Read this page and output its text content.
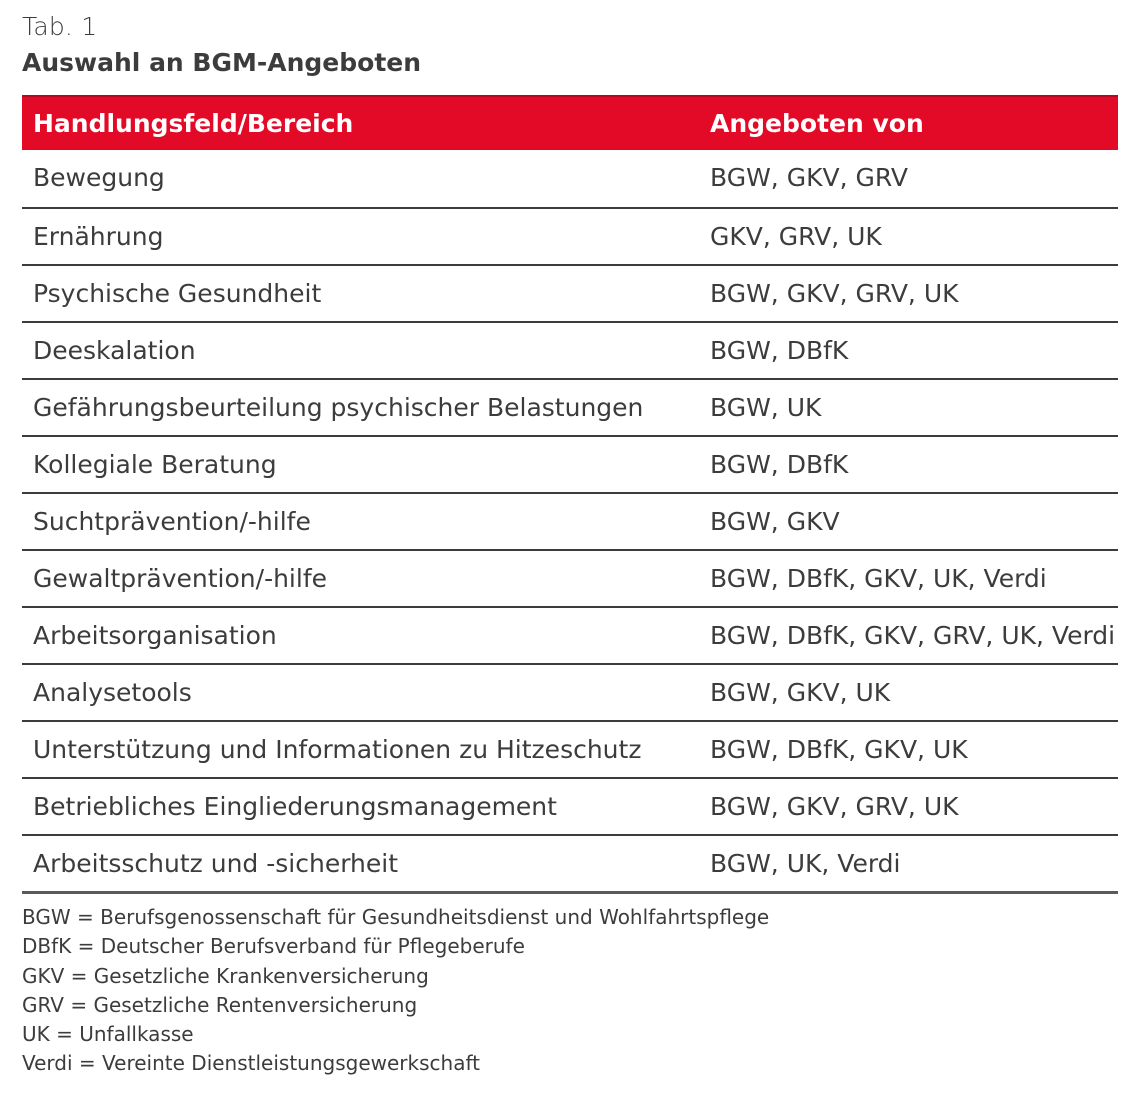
Tab. 1
Auswahl an BGM-Angeboten
Handlungsfeld/Bereich	Angeboten von
Bewegung	BGW, GKV, GRV
Ernährung	GKV, GRV, UK
Psychische Gesundheit	BGW, GKV, GRV, UK
Deeskalation	BGW, DBfK
Gefährungsbeurteilung psychischer Belastungen	BGW, UK
Kollegiale Beratung	BGW, DBfK
Suchtprävention/-hilfe	BGW, GKV
Gewaltprävention/-hilfe	BGW, DBfK, GKV, UK, Verdi
Arbeitsorganisation	BGW, DBfK, GKV, GRV, UK, Verdi
Analysetools	BGW, GKV, UK
Unterstützung und Informationen zu Hitzeschutz	BGW, DBfK, GKV, UK
Betriebliches Eingliederungsmanagement	BGW, GKV, GRV, UK
Arbeitsschutz und -sicherheit	BGW, UK, Verdi
BGW = Berufsgenossenschaft für Gesundheitsdienst und Wohlfahrtspflege
DBfK = Deutscher Berufsverband für Pflegeberufe
GKV = Gesetzliche Krankenversicherung
GRV = Gesetzliche Rentenversicherung
UK = Unfallkasse
Verdi = Vereinte Dienstleistungsgewerkschaft
